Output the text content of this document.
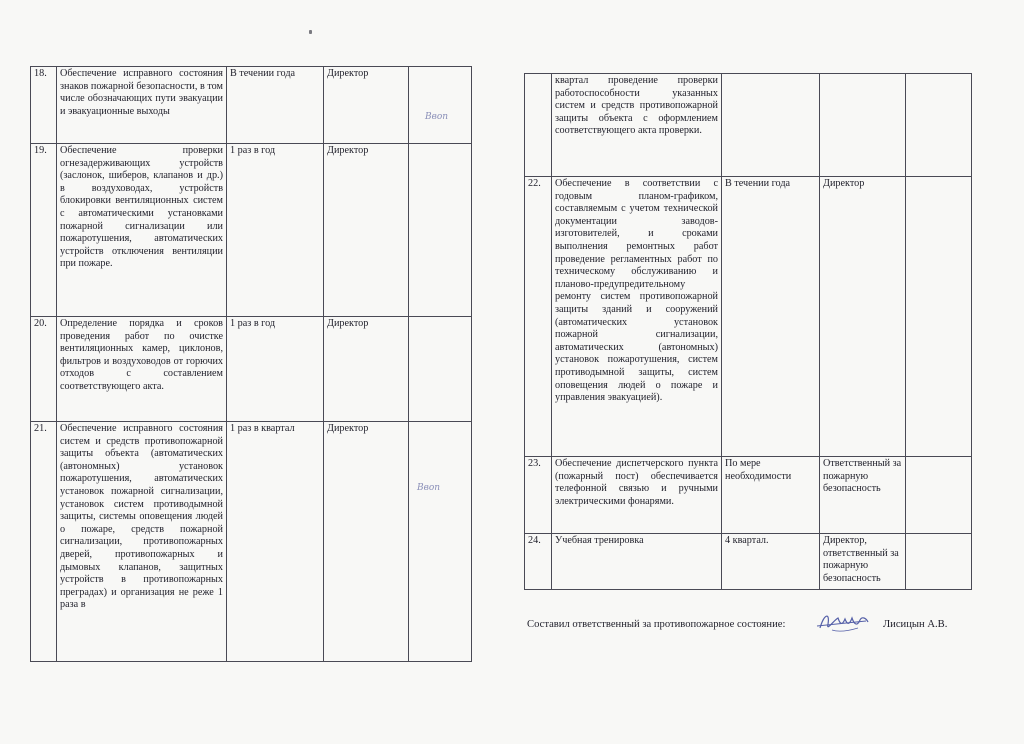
18.	Обеспечение исправного состояния знаков пожарной безопасности, в том числе обозначающих пути эвакуации и эвакуационные выходы	В течении года	Директор	Ввоп

19.	Обеспечение проверки огнезадерживающих устройств (заслонок, шиберов, клапанов и др.) в воздуховодах, устройств блокировки вентиляционных систем с автоматическими установками пожарной сигнализации или пожаротушения, автоматических устройств отключения вентиляции при пожаре.	1 раз в год	Директор	
20.	Определение порядка и сроков проведения работ по очистке вентиляционных камер, циклонов, фильтров и воздуховодов от горючих отходов с составлением соответствующего акта.	1 раз в год	Директор	
21.	Обеспечение исправного состояния систем и средств противопожарной защиты объекта (автоматических (автономных) установок пожаротушения, автоматических установок пожарной сигнализации, установок систем противодымной защиты, системы оповещения людей о пожаре, средств пожарной сигнализации, противопожарных дверей, противопожарных и дымовых клапанов, защитных устройств в противопожарных преградах) и организация не реже 1 раза в	1 раз в квартал	Директор	Ввоп
	квартал проведение проверки работоспособности указанных систем и средств противопожарной защиты объекта с оформлением соответствующего акта проверки.			
22.	Обеспечение в соответствии с годовым планом-графиком, составляемым с учетом технической документации заводов-изготовителей, и сроками выполнения ремонтных работ проведение регламентных работ по техническому обслуживанию и планово-предупредительному ремонту систем противопожарной защиты зданий и сооружений (автоматических установок пожарной сигнализации, автоматических (автономных) установок пожаротушения, систем противодымной защиты, систем оповещения людей о пожаре и управления эвакуацией).	В течении года	Директор	
23.	Обеспечение диспетчерского пункта (пожарный пост) обеспечивается телефонной связью и ручными электрическими фонарями.	По мере необходимости	Ответственный за пожарную безопасность	
24.	Учебная тренировка	4 квартал.	Директор, ответственный за пожарную безопасность	
Составил ответственный за противопожарное состояние:	Лисицын А.В.
